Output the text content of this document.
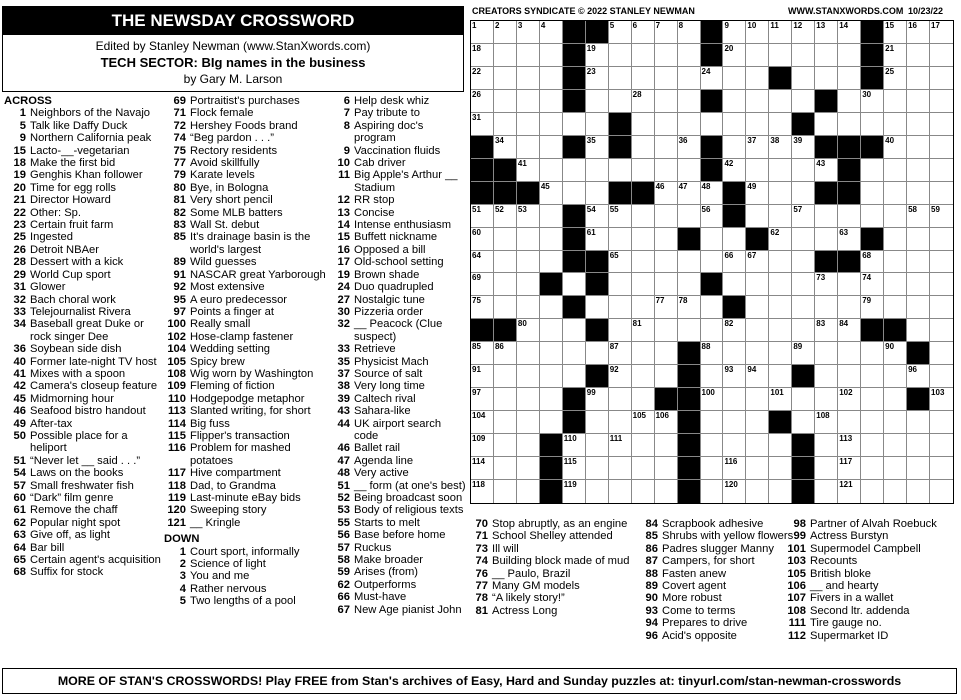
THE NEWSDAY CROSSWORD
Edited by Stanley Newman (www.StanXwords.com)
TECH SECTOR: BIg names in the business
by Gary M. Larson
CREATORS SYNDICATE © 2022 STANLEY NEWMAN	WWW.STANXWORDS.COM 10/23/22
1 2 3 4	5 6 7 8	9 10 11 12 13 14	15 16 17
18	19	20	21
22	23	24	25
26	27	28	29	30
31	32	33
34	35	36	37 38 39	40
41	42	43 44
45	46 47 48	49	50
51 52 53	54 55	56	57	58 59
60	61	62	63
64	65	66 67	68
69	70	71	72	73	74
75	76	77 78	79
80	81	82	83 84
85 86	87	88	89	90
91	92	93 94	95	96
97	98 99	100	101	102	103
104	105 106 107	108
109	110	111	112	113
114	115	116	117
118	119	120	121
ACROSS
1 Neighbors of the Navajo
5 Talk like Daffy Duck
9 Northern California peak
15 Lacto-__-vegetarian
18 Make the first bid
19 Genghis Khan follower
20 Time for egg rolls
21 Director Howard
22 Other: Sp.
23 Certain fruit farm
25 Ingested
26 Detroit NBAer
28 Dessert with a kick
29 World Cup sport
31 Glower
32 Bach choral work
33 Telejournalist Rivera
34 Baseball great Duke or rock singer Dee
36 Soybean side dish
40 Former late-night TV host
41 Mixes with a spoon
42 Camera's closeup feature
45 Midmorning hour
46 Seafood bistro handout
49 After-tax
50 Possible place for a heliport
51 “Never let __ said . . .”
54 Laws on the books
57 Small freshwater fish
60 “Dark” film genre
61 Remove the chaff
62 Popular night spot
63 Give off, as light
64 Bar bill
65 Certain agent's acquisition
68 Suffix for stock
69 Portraitist's purchases
71 Flock female
72 Hershey Foods brand
74 “Beg pardon . . .”
75 Rectory residents
77 Avoid skillfully
79 Karate levels
80 Bye, in Bologna
81 Very short pencil
82 Some MLB batters
83 Wall St. debut
85 It's drainage basin is the world's largest
89 Wild guesses
91 NASCAR great Yarborough
92 Most extensive
95 A euro predecessor
97 Points a finger at
100 Really small
102 Hose-clamp fastener
104 Wedding setting
105 Spicy brew
108 Wig worn by Washington
109 Fleming of fiction
110 Hodgepodge metaphor
113 Slanted writing, for short
114 Big fuss
115 Flipper's transaction
116 Problem for mashed potatoes
117 Hive compartment
118 Dad, to Grandma
119 Last-minute eBay bids
120 Sweeping story
121 __ Kringle
DOWN
1 Court sport, informally
2 Science of light
3 You and me
4 Rather nervous
5 Two lengths of a pool
6 Help desk whiz
7 Pay tribute to
8 Aspiring doc's program
9 Vaccination fluids
10 Cab driver
11 Big Apple's Arthur __ Stadium
12 RR stop
13 Concise
14 Intense enthusiasm
15 Buffett nickname
16 Opposed a bill
17 Old-school setting
19 Brown shade
24 Duo quadrupled
27 Nostalgic tune
30 Pizzeria order
32 __ Peacock (Clue suspect)
33 Retrieve
35 Physicist Mach
37 Source of salt
38 Very long time
39 Caltech rival
43 Sahara-like
44 UK airport search code
46 Ballet rail
47 Agenda line
48 Very active
51 __ form (at one's best)
52 Being broadcast soon
53 Body of religious texts
55 Starts to melt
56 Base before home
57 Ruckus
58 Make broader
59 Arises (from)
62 Outperforms
66 Must-have
67 New Age pianist John
70 Stop abruptly, as an engine
71 School Shelley attended
73 Ill will
74 Building block made of mud
76 __ Paulo, Brazil
77 Many GM models
78 “A likely story!”
81 Actress Long
84 Scrapbook adhesive
85 Shrubs with yellow flowers
86 Padres slugger Manny
87 Campers, for short
88 Fasten anew
89 Covert agent
90 More robust
93 Come to terms
94 Prepares to drive
96 Acid's opposite
98 Partner of Alvah Roebuck
99 Actress Burstyn
101 Supermodel Campbell
103 Recounts
105 British bloke
106 __ and hearty
107 Fivers in a wallet
108 Second ltr. addenda
111 Tire gauge no.
112 Supermarket ID
MORE OF STAN'S CROSSWORDS! Play FREE from Stan's archives of Easy, Hard and Sunday puzzles at: tinyurl.com/stan-newman-crosswords
